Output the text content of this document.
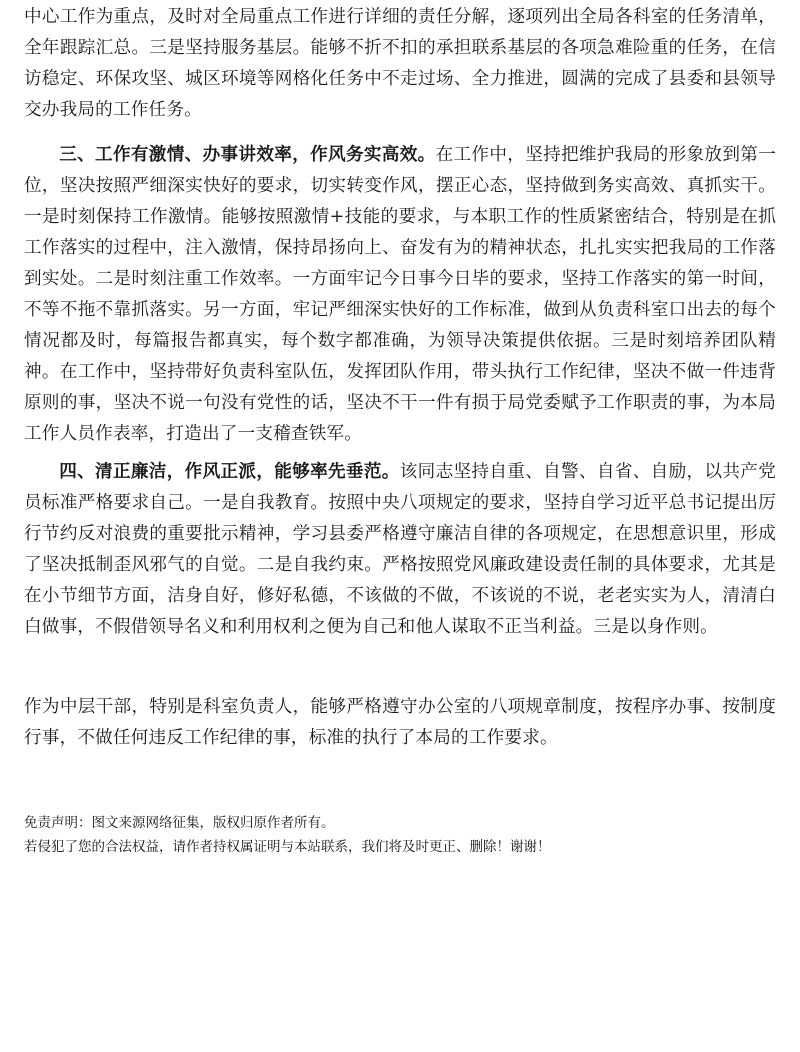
中心工作为重点，及时对全局重点工作进行详细的责任分解，逐项列出全局各科室的任务清单，全年跟踪汇总。三是坚持服务基层。能够不折不扣的承担联系基层的各项急难险重的任务，在信访稳定、环保攻坚、城区环境等网格化任务中不走过场、全力推进，圆满的完成了县委和县领导交办我局的工作任务。

三、工作有激情、办事讲效率，作风务实高效。在工作中，坚持把维护我局的形象放到第一位，坚决按照严细深实快好的要求，切实转变作风，摆正心态，坚持做到务实高效、真抓实干。一是时刻保持工作激情。能够按照激情+技能的要求，与本职工作的性质紧密结合，特别是在抓工作落实的过程中，注入激情，保持昂扬向上、奋发有为的精神状态，扎扎实实把我局的工作落到实处。二是时刻注重工作效率。一方面牢记今日事今日毕的要求，坚持工作落实的第一时间，不等不拖不靠抓落实。另一方面，牢记严细深实快好的工作标准，做到从负责科室口出去的每个情况都及时，每篇报告都真实，每个数字都准确，为领导决策提供依据。三是时刻培养团队精神。在工作中，坚持带好负责科室队伍，发挥团队作用，带头执行工作纪律，坚决不做一件违背原则的事，坚决不说一句没有党性的话，坚决不干一件有损于局党委赋予工作职责的事，为本局工作人员作表率，打造出了一支稽查铁军。

四、清正廉洁，作风正派，能够率先垂范。该同志坚持自重、自警、自省、自励，以共产党员标准严格要求自己。一是自我教育。按照中央八项规定的要求，坚持自学习近平总书记提出厉行节约反对浪费的重要批示精神，学习县委严格遵守廉洁自律的各项规定，在思想意识里，形成了坚决抵制歪风邪气的自觉。二是自我约束。严格按照党风廉政建设责任制的具体要求，尤其是在小节细节方面，洁身自好，修好私德，不该做的不做，不该说的不说，老老实实为人，清清白白做事，不假借领导名义和利用权利之便为自己和他人谋取不正当利益。三是以身作则。

作为中层干部，特别是科室负责人，能够严格遵守办公室的八项规章制度，按程序办事、按制度行事，不做任何违反工作纪律的事，标准的执行了本局的工作要求。

免责声明：图文来源网络征集，版权归原作者所有。

若侵犯了您的合法权益，请作者持权属证明与本站联系，我们将及时更正、删除！谢谢！
